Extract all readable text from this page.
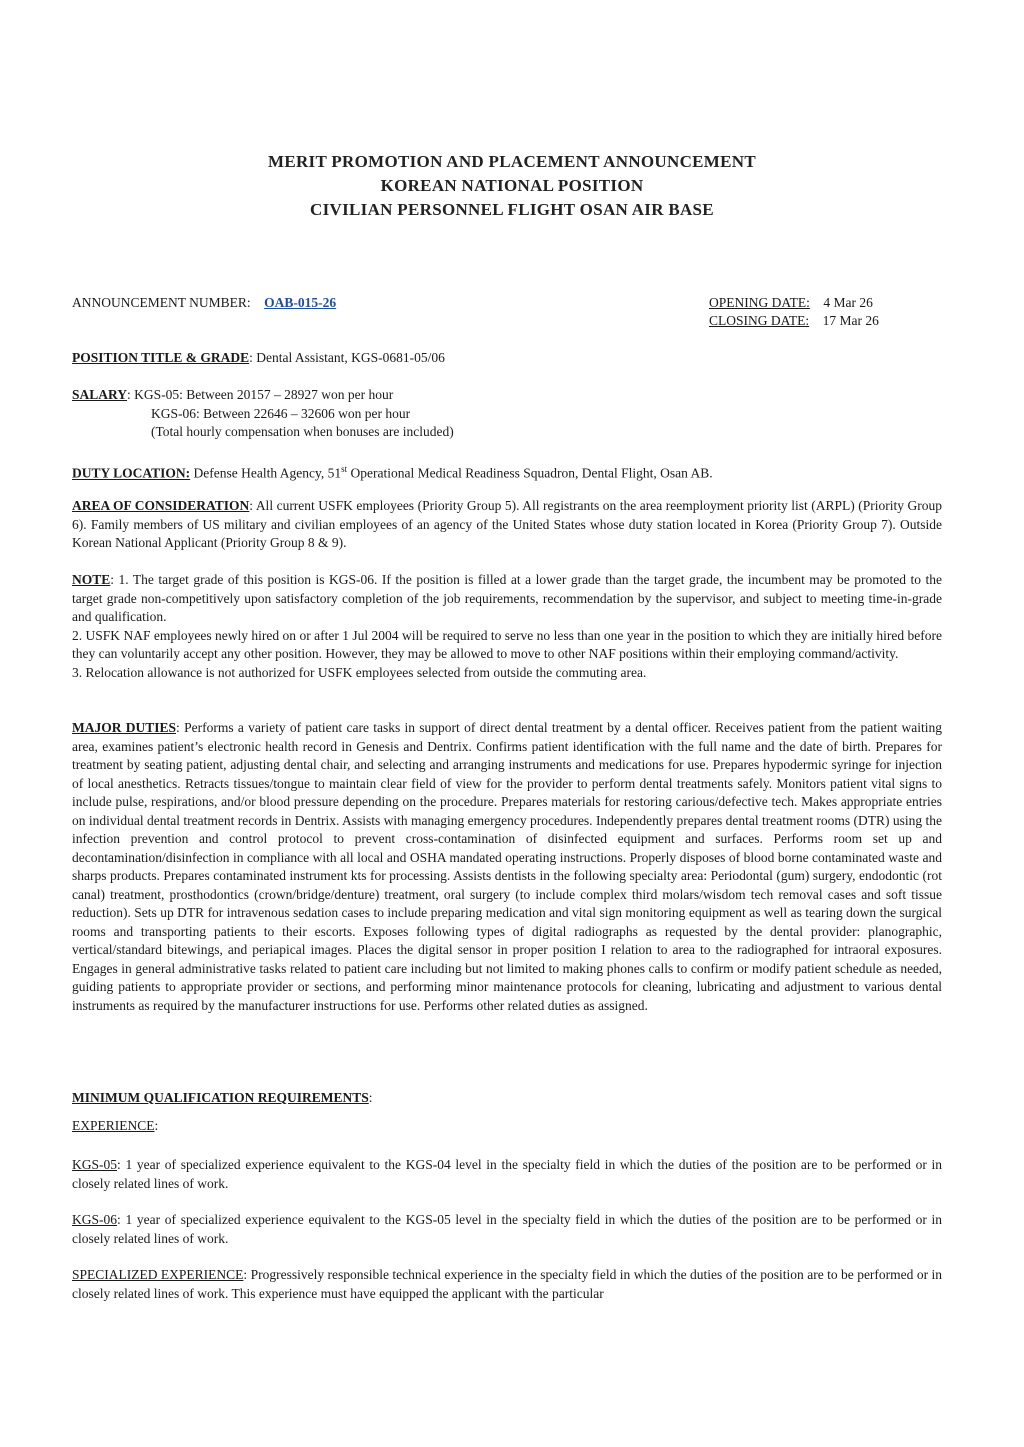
MERIT PROMOTION AND PLACEMENT ANNOUNCEMENT
KOREAN NATIONAL POSITION
CIVILIAN PERSONNEL FLIGHT OSAN AIR BASE
ANNOUNCEMENT NUMBER: OAB-015-26	OPENING DATE: 4 Mar 26
CLOSING DATE: 17 Mar 26
POSITION TITLE & GRADE: Dental Assistant, KGS-0681-05/06
SALARY: KGS-05: Between 20157 – 28927 won per hour
KGS-06: Between 22646 – 32606 won per hour
(Total hourly compensation when bonuses are included)
DUTY LOCATION: Defense Health Agency, 51st Operational Medical Readiness Squadron, Dental Flight, Osan AB.
AREA OF CONSIDERATION: All current USFK employees (Priority Group 5). All registrants on the area reemployment priority list (ARPL) (Priority Group 6). Family members of US military and civilian employees of an agency of the United States whose duty station located in Korea (Priority Group 7). Outside Korean National Applicant (Priority Group 8 & 9).
NOTE: 1. The target grade of this position is KGS-06. If the position is filled at a lower grade than the target grade, the incumbent may be promoted to the target grade non-competitively upon satisfactory completion of the job requirements, recommendation by the supervisor, and subject to meeting time-in-grade and qualification.
2. USFK NAF employees newly hired on or after 1 Jul 2004 will be required to serve no less than one year in the position to which they are initially hired before they can voluntarily accept any other position. However, they may be allowed to move to other NAF positions within their employing command/activity.
3. Relocation allowance is not authorized for USFK employees selected from outside the commuting area.
MAJOR DUTIES: Performs a variety of patient care tasks in support of direct dental treatment by a dental officer. Receives patient from the patient waiting area, examines patient’s electronic health record in Genesis and Dentrix. Confirms patient identification with the full name and the date of birth. Prepares for treatment by seating patient, adjusting dental chair, and selecting and arranging instruments and medications for use. Prepares hypodermic syringe for injection of local anesthetics. Retracts tissues/tongue to maintain clear field of view for the provider to perform dental treatments safely. Monitors patient vital signs to include pulse, respirations, and/or blood pressure depending on the procedure. Prepares materials for restoring carious/defective tech. Makes appropriate entries on individual dental treatment records in Dentrix. Assists with managing emergency procedures. Independently prepares dental treatment rooms (DTR) using the infection prevention and control protocol to prevent cross-contamination of disinfected equipment and surfaces. Performs room set up and decontamination/disinfection in compliance with all local and OSHA mandated operating instructions. Properly disposes of blood borne contaminated waste and sharps products. Prepares contaminated instrument kts for processing. Assists dentists in the following specialty area: Periodontal (gum) surgery, endodontic (rot canal) treatment, prosthodontics (crown/bridge/denture) treatment, oral surgery (to include complex third molars/wisdom tech removal cases and soft tissue reduction). Sets up DTR for intravenous sedation cases to include preparing medication and vital sign monitoring equipment as well as tearing down the surgical rooms and transporting patients to their escorts. Exposes following types of digital radiographs as requested by the dental provider: planographic, vertical/standard bitewings, and periapical images. Places the digital sensor in proper position I relation to area to the radiographed for intraoral exposures. Engages in general administrative tasks related to patient care including but not limited to making phones calls to confirm or modify patient schedule as needed, guiding patients to appropriate provider or sections, and performing minor maintenance protocols for cleaning, lubricating and adjustment to various dental instruments as required by the manufacturer instructions for use. Performs other related duties as assigned.
MINIMUM QUALIFICATION REQUIREMENTS:
EXPERIENCE:
KGS-05: 1 year of specialized experience equivalent to the KGS-04 level in the specialty field in which the duties of the position are to be performed or in closely related lines of work.
KGS-06: 1 year of specialized experience equivalent to the KGS-05 level in the specialty field in which the duties of the position are to be performed or in closely related lines of work.
SPECIALIZED EXPERIENCE: Progressively responsible technical experience in the specialty field in which the duties of the position are to be performed or in closely related lines of work. This experience must have equipped the applicant with the particular
